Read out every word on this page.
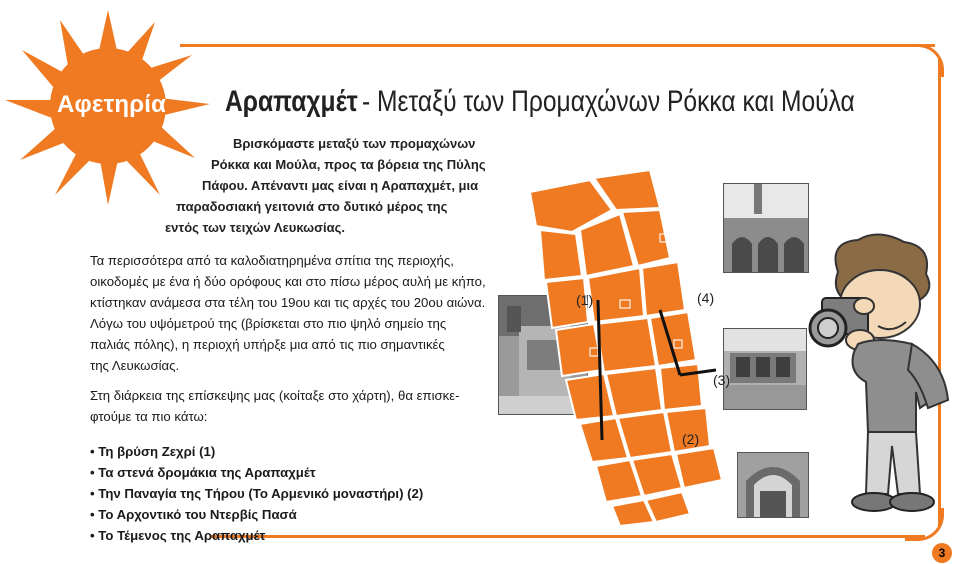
Αφετηρία Αραπαχμέτ- Μεταξύ των Προμαχώνων Ρόκκα και Μούλα
Βρισκόμαστε μεταξύ των προμαχώνων
Ρόκκα και Μούλα, προς τα βόρεια της Πύλης
Πάφου. Απέναντι μας είναι η Αραπαχμέτ, μια
παραδοσιακή γειτονιά στο δυτικό μέρος της
εντός των τειχών Λευκωσίας.
Τα περισσότερα από τα καλοδιατηρημένα σπίτια της περιοχής,
οικοδομές με ένα ή δύο ορόφους και στο πίσω μέρος αυλή με κήπο,
κτίστηκαν ανάμεσα στα τέλη του 19ου και τις αρχές του 20ου αιώνα.
Λόγω του υψόμετρού της (βρίσκεται στο πιο ψηλό σημείο της
παλιάς πόλης), η περιοχή υπήρξε μια από τις πιο σημαντικές
της Λευκωσίας.
Στη διάρκεια της επίσκεψης μας (κοίταξε στο χάρτη), θα επισκε-
φτούμε τα πιο κάτω:
• Τη βρύση Ζεχρί (1)
• Τα στενά δρομάκια της Αραπαχμέτ
• Την Παναγία της Τήρου (Το Αρμενικό μοναστήρι) (2)
• Το Αρχοντικό του Ντερβίς Πασά
• Το Τέμενος της Αραπαχμέτ
(1)	(4)
(3)
(2)
3
